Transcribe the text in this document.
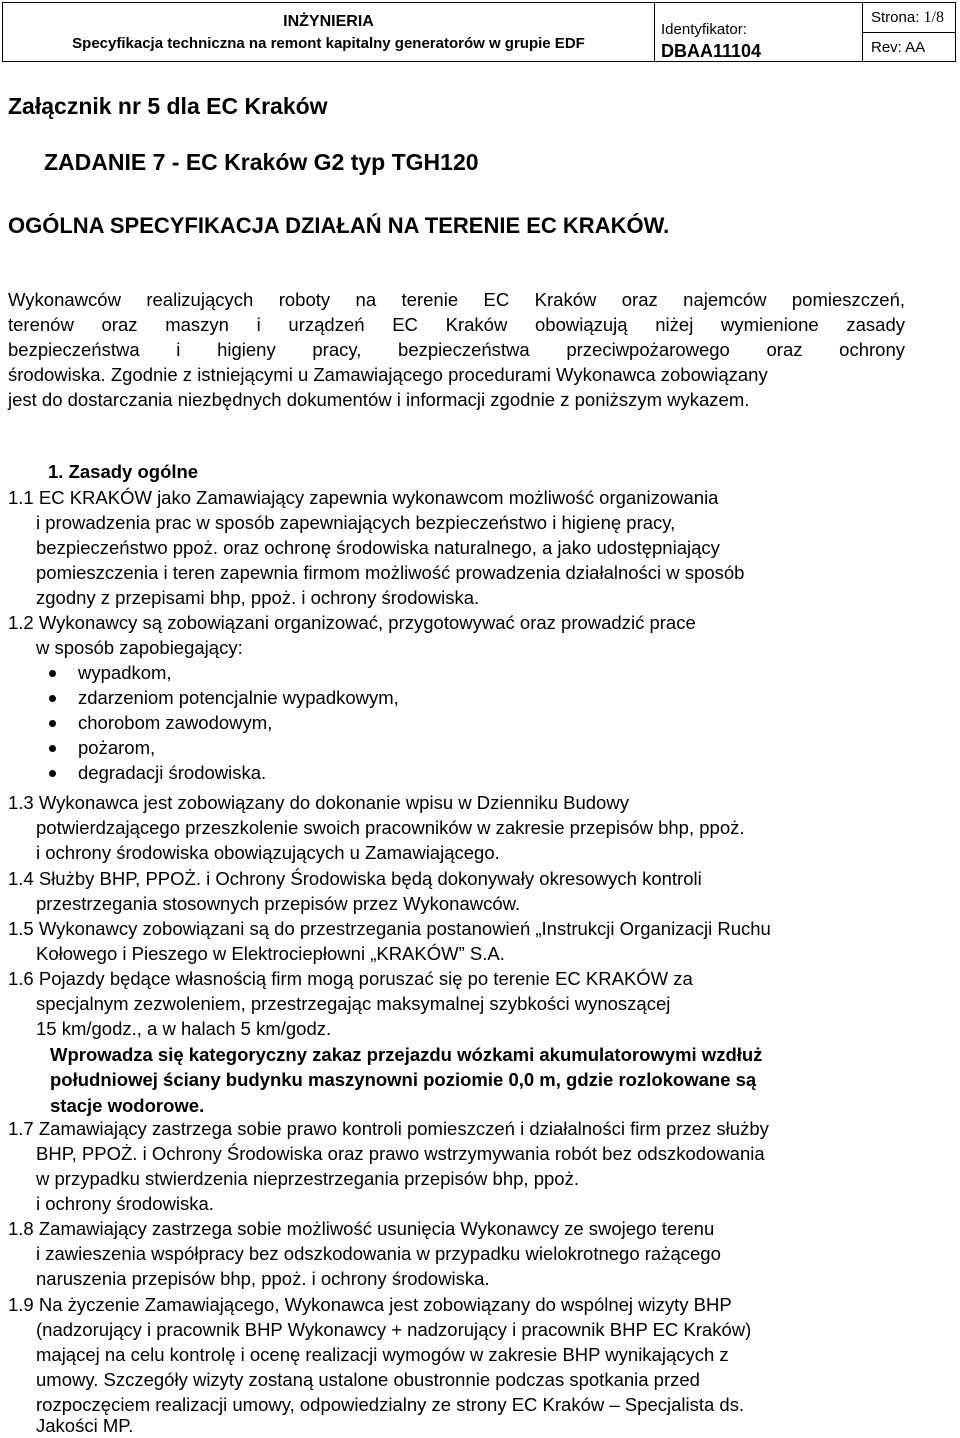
INŻYNIERIA
Specyfikacja techniczna na remont kapitalny generatorów w grupie EDF
Identyfikator:
DBAA11104
Strona: 1/8
Rev: AA
Załącznik nr 5 dla EC Kraków
ZADANIE 7 - EC Kraków G2 typ TGH120
OGÓLNA SPECYFIKACJA DZIAŁAŃ NA TERENIE EC KRAKÓW.
Wykonawców realizujących roboty na terenie EC Kraków oraz najemców pomieszczeń,
terenów oraz maszyn i urządzeń EC Kraków obowiązują niżej wymienione zasady
bezpieczeństwa i higieny pracy, bezpieczeństwa przeciwpożarowego oraz ochrony
środowiska. Zgodnie z istniejącymi u Zamawiającego procedurami Wykonawca zobowiązany
jest do dostarczania niezbędnych dokumentów i informacji zgodnie z poniższym wykazem.
1. Zasady ogólne
1.1 EC KRAKÓW jako Zamawiający zapewnia wykonawcom możliwość organizowania
i prowadzenia prac w sposób zapewniających bezpieczeństwo i higienę pracy,
bezpieczeństwo ppoż. oraz ochronę środowiska naturalnego, a jako udostępniający
pomieszczenia i teren zapewnia firmom możliwość prowadzenia działalności w sposób
zgodny z przepisami bhp, ppoż. i ochrony środowiska.
1.2 Wykonawcy są zobowiązani organizować, przygotowywać oraz prowadzić prace
w sposób zapobiegający:
wypadkom,
zdarzeniom potencjalnie wypadkowym,
chorobom zawodowym,
pożarom,
degradacji środowiska.
1.3 Wykonawca jest zobowiązany do dokonanie wpisu w Dzienniku Budowy
potwierdzającego przeszkolenie swoich pracowników w zakresie przepisów bhp, ppoż.
i ochrony środowiska obowiązujących u Zamawiającego.
1.4 Służby BHP, PPOŻ. i Ochrony Środowiska będą dokonywały okresowych kontroli
przestrzegania stosownych przepisów przez Wykonawców.
1.5 Wykonawcy zobowiązani są do przestrzegania postanowień „Instrukcji Organizacji Ruchu
Kołowego i Pieszego w Elektrociepłowni „KRAKÓW” S.A.
1.6 Pojazdy będące własnością firm mogą poruszać się po terenie EC KRAKÓW za
specjalnym zezwoleniem, przestrzegając maksymalnej szybkości wynoszącej
15 km/godz., a w halach 5 km/godz.
Wprowadza się kategoryczny zakaz przejazdu wózkami akumulatorowymi wzdłuż
południowej ściany budynku maszynowni poziomie 0,0 m, gdzie rozlokowane są
stacje wodorowe.
1.7 Zamawiający zastrzega sobie prawo kontroli pomieszczeń i działalności firm przez służby
BHP, PPOŻ. i Ochrony Środowiska oraz prawo wstrzymywania robót bez odszkodowania
w przypadku stwierdzenia nieprzestrzegania przepisów bhp, ppoż.
i ochrony środowiska.
1.8 Zamawiający zastrzega sobie możliwość usunięcia Wykonawcy ze swojego terenu
i zawieszenia współpracy bez odszkodowania w przypadku wielokrotnego rażącego
naruszenia przepisów bhp, ppoż. i ochrony środowiska.
1.9 Na życzenie Zamawiającego, Wykonawca jest zobowiązany do wspólnej wizyty BHP
(nadzorujący i pracownik BHP Wykonawcy + nadzorujący i pracownik BHP EC Kraków)
mającej na celu kontrolę i ocenę realizacji wymogów w zakresie BHP wynikających z
umowy. Szczegóły wizyty zostaną ustalone obustronnie podczas spotkania przed
rozpoczęciem realizacji umowy, odpowiedzialny ze strony EC Kraków – Specjalista ds.
Jakości MP.
